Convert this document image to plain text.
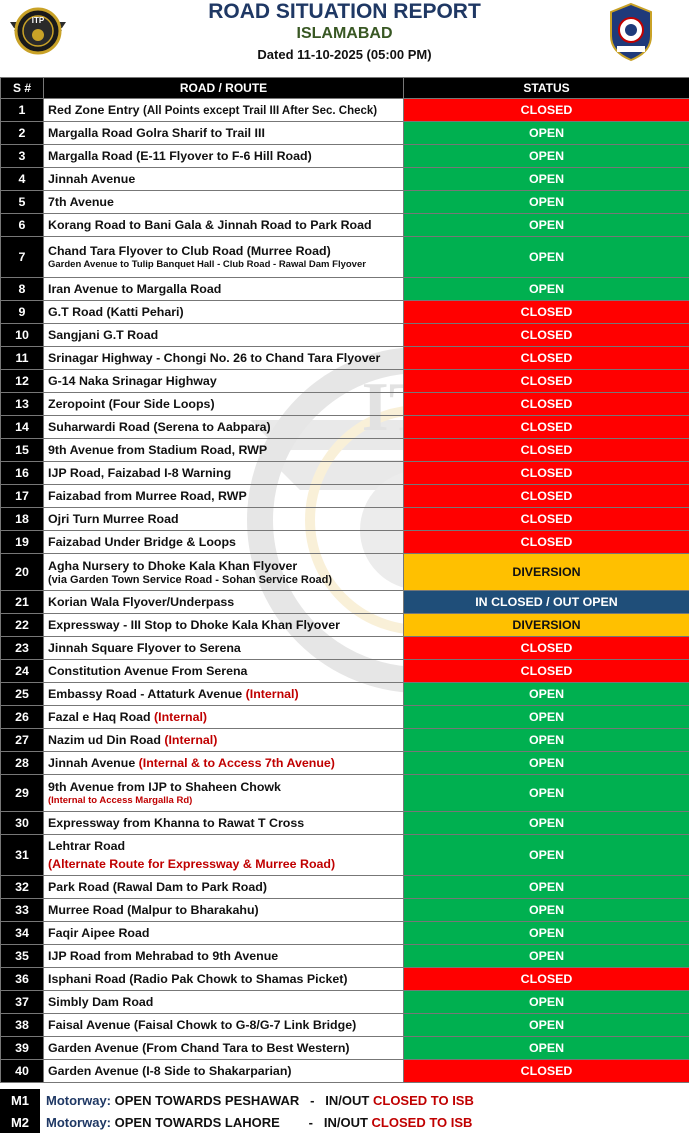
ITP	ROAD SITUATION REPORT
ISLAMABAD
Dated 11-10-2025 (05:00 PM)
S #	ROAD / ROUTE	STATUS
1	Red Zone Entry (All Points except Trail III After Sec. Check)	CLOSED
2	Margalla Road Golra Sharif to Trail III	OPEN
3	Margalla Road (E-11 Flyover to F-6 Hill Road)	OPEN
4	Jinnah Avenue	OPEN
5	7th Avenue	OPEN
6	Korang Road to Bani Gala & Jinnah Road to Park Road	OPEN
7	Chand Tara Flyover to Club Road (Murree Road)
Garden Avenue to Tulip Banquet Hall - Club Road - Rawal Dam Flyover	OPEN
8	Iran Avenue to Margalla Road	OPEN
9	G.T Road (Katti Pehari)	CLOSED
10	Sangjani G.T Road	CLOSED
11	Srinagar Highway - Chongi No. 26 to Chand Tara Flyover	CLOSED
12	G-14 Naka Srinagar Highway	CLOSED
13	Zeropoint (Four Side Loops)	CLOSED
14	Suharwardi Road (Serena to Aabpara)	CLOSED
15	9th Avenue from Stadium Road, RWP	CLOSED
16	IJP Road, Faizabad I-8 Warning	CLOSED
17	Faizabad from Murree Road, RWP	CLOSED
18	Ojri Turn Murree Road	CLOSED
19	Faizabad Under Bridge & Loops	CLOSED
20	Agha Nursery to Dhoke Kala Khan Flyover
(via Garden Town Service Road - Sohan Service Road)	DIVERSION
21	Korian Wala Flyover/Underpass	IN CLOSED / OUT OPEN
22	Expressway - III Stop to Dhoke Kala Khan Flyover	DIVERSION
23	Jinnah Square Flyover to Serena	CLOSED
24	Constitution Avenue From Serena	CLOSED
25	Embassy Road - Attaturk Avenue (Internal)	OPEN
26	Fazal e Haq Road (Internal)	OPEN
27	Nazim ud Din Road (Internal)	OPEN
28	Jinnah Avenue (Internal & to Access 7th Avenue)	OPEN
29	9th Avenue from IJP to Shaheen Chowk
(Internal to Access Margalla Rd)	OPEN
30	Expressway from Khanna to Rawat T Cross	OPEN
31	Lehtrar Road
(Alternate Route for Expressway & Murree Road)	OPEN
32	Park Road (Rawal Dam to Park Road)	OPEN
33	Murree Road (Malpur to Bharakahu)	OPEN
34	Faqir Aipee Road	OPEN
35	IJP Road from Mehrabad to 9th Avenue	OPEN
36	Isphani Road (Radio Pak Chowk to Shamas Picket)	CLOSED
37	Simbly Dam Road	OPEN
38	Faisal Avenue (Faisal Chowk to G-8/G-7 Link Bridge)	OPEN
39	Garden Avenue (From Chand Tara to Best Western)	OPEN
40	Garden Avenue (I-8 Side to Shakarparian)	CLOSED
M1	Motorway: OPEN TOWARDS PESHAWAR   -   IN/OUT CLOSED TO ISB
M2	Motorway: OPEN TOWARDS LAHORE        -   IN/OUT CLOSED TO ISB
